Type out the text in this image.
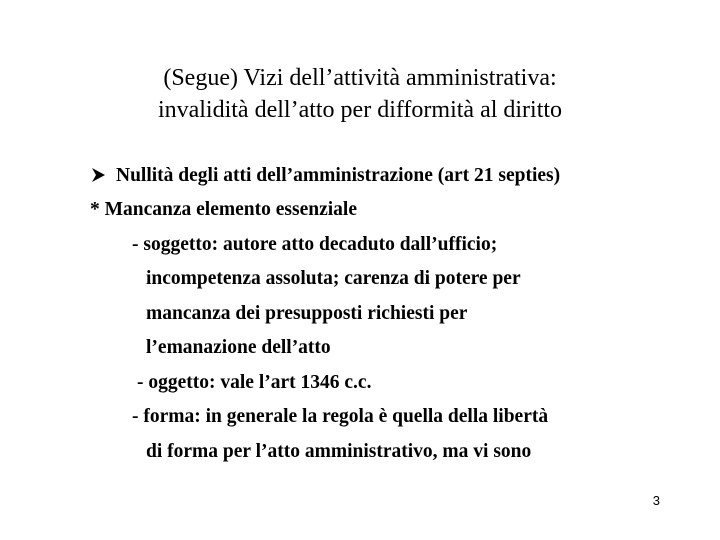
(Segue) Vizi dell’attività amministrativa:
invalidità dell’atto per difformità al diritto
Nullità degli atti dell’amministrazione (art 21 septies)
* Mancanza elemento essenziale
- soggetto: autore atto decaduto dall’ufficio;
incompetenza assoluta; carenza di potere per
mancanza dei presupposti richiesti per
l’emanazione dell’atto
- oggetto: vale l’art 1346 c.c.
- forma: in generale la regola è quella della libertà
di forma per l’atto amministrativo, ma vi sono
3
